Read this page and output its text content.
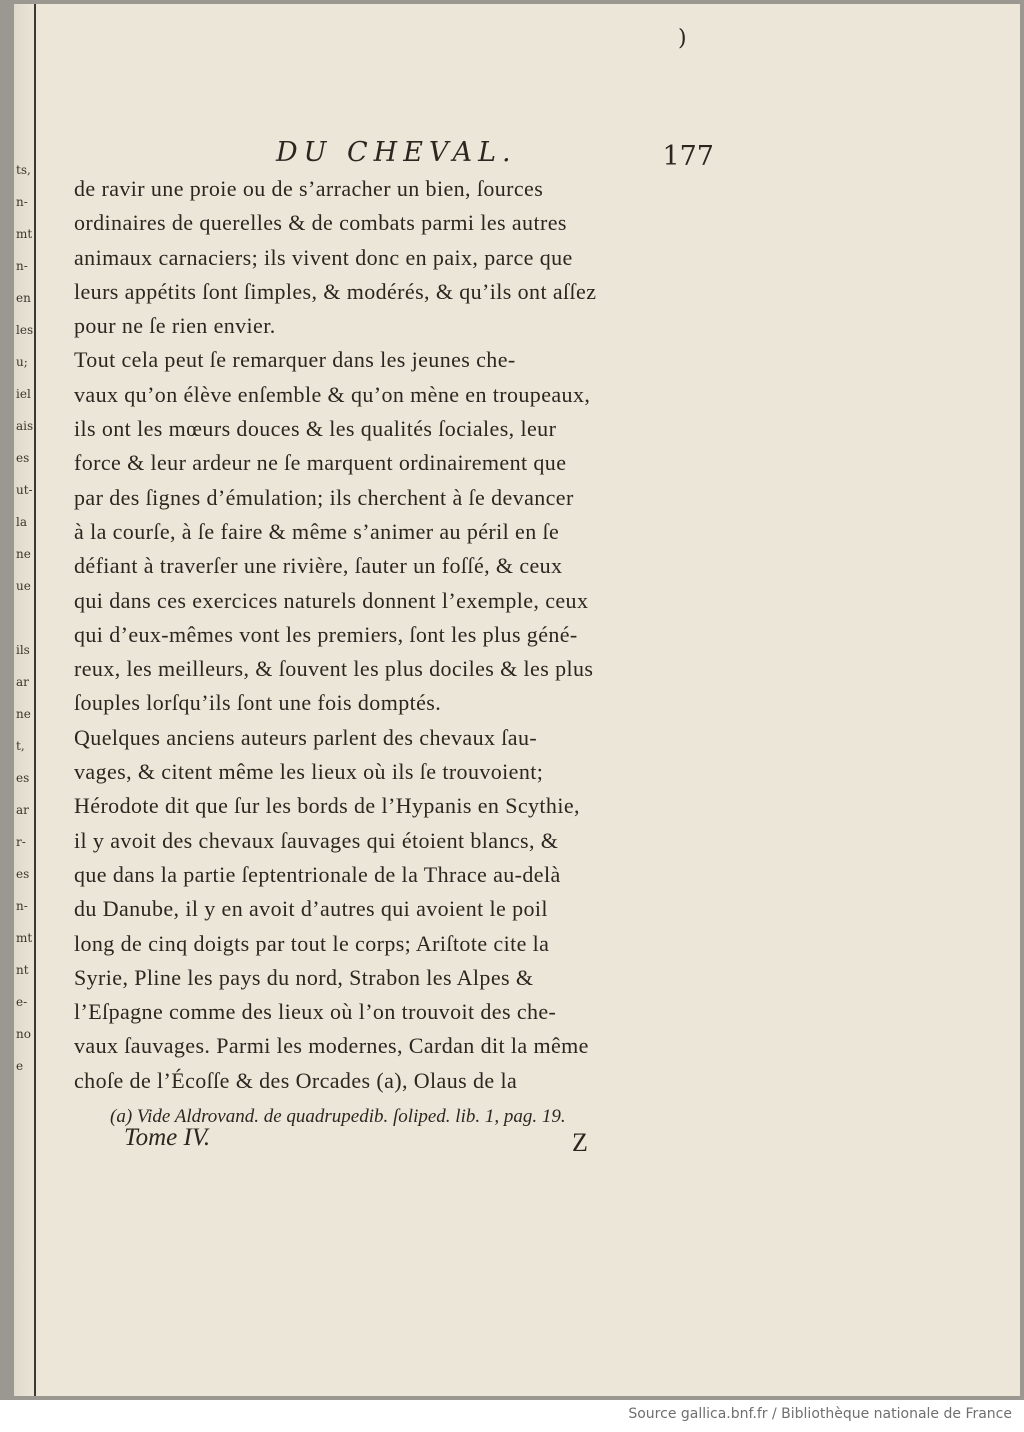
ts,
n-
mt
n-
en
les
u;
iel
ais
es
ut-
la
ne
ue
ils
ar
ne
t,
es
ar
r-
es
n-
mt
nt
e-
no
e
)
DU CHEVAL.	177
de ravir une proie ou de s’arracher un bien, ſources
ordinaires de querelles & de combats parmi les autres
animaux carnaciers; ils vivent donc en paix, parce que
leurs appétits ſont ſimples, & modérés, & qu’ils ont aſſez
pour ne ſe rien envier.
Tout cela peut ſe remarquer dans les jeunes che-
vaux qu’on élève enſemble & qu’on mène en troupeaux,
ils ont les mœurs douces & les qualités ſociales, leur
force & leur ardeur ne ſe marquent ordinairement que
par des ſignes d’émulation; ils cherchent à ſe devancer
à la courſe, à ſe faire & même s’animer au péril en ſe
défiant à traverſer une rivière, ſauter un foſſé, & ceux
qui dans ces exercices naturels donnent l’exemple, ceux
qui d’eux-mêmes vont les premiers, ſont les plus géné-
reux, les meilleurs, & ſouvent les plus dociles & les plus
ſouples lorſqu’ils ſont une fois domptés.
Quelques anciens auteurs parlent des chevaux ſau-
vages, & citent même les lieux où ils ſe trouvoient;
Hérodote dit que ſur les bords de l’Hypanis en Scythie,
il y avoit des chevaux ſauvages qui étoient blancs, &
que dans la partie ſeptentrionale de la Thrace au-delà
du Danube, il y en avoit d’autres qui avoient le poil
long de cinq doigts par tout le corps; Ariſtote cite la
Syrie, Pline les pays du nord, Strabon les Alpes &
l’Eſpagne comme des lieux où l’on trouvoit des che-
vaux ſauvages. Parmi les modernes, Cardan dit la même
choſe de l’Écoſſe & des Orcades (a), Olaus de la
(a) Vide Aldrovand. de quadrupedib. ſoliped. lib. 1, pag. 19.
Tome IV.	Z
Source gallica.bnf.fr / Bibliothèque nationale de France
